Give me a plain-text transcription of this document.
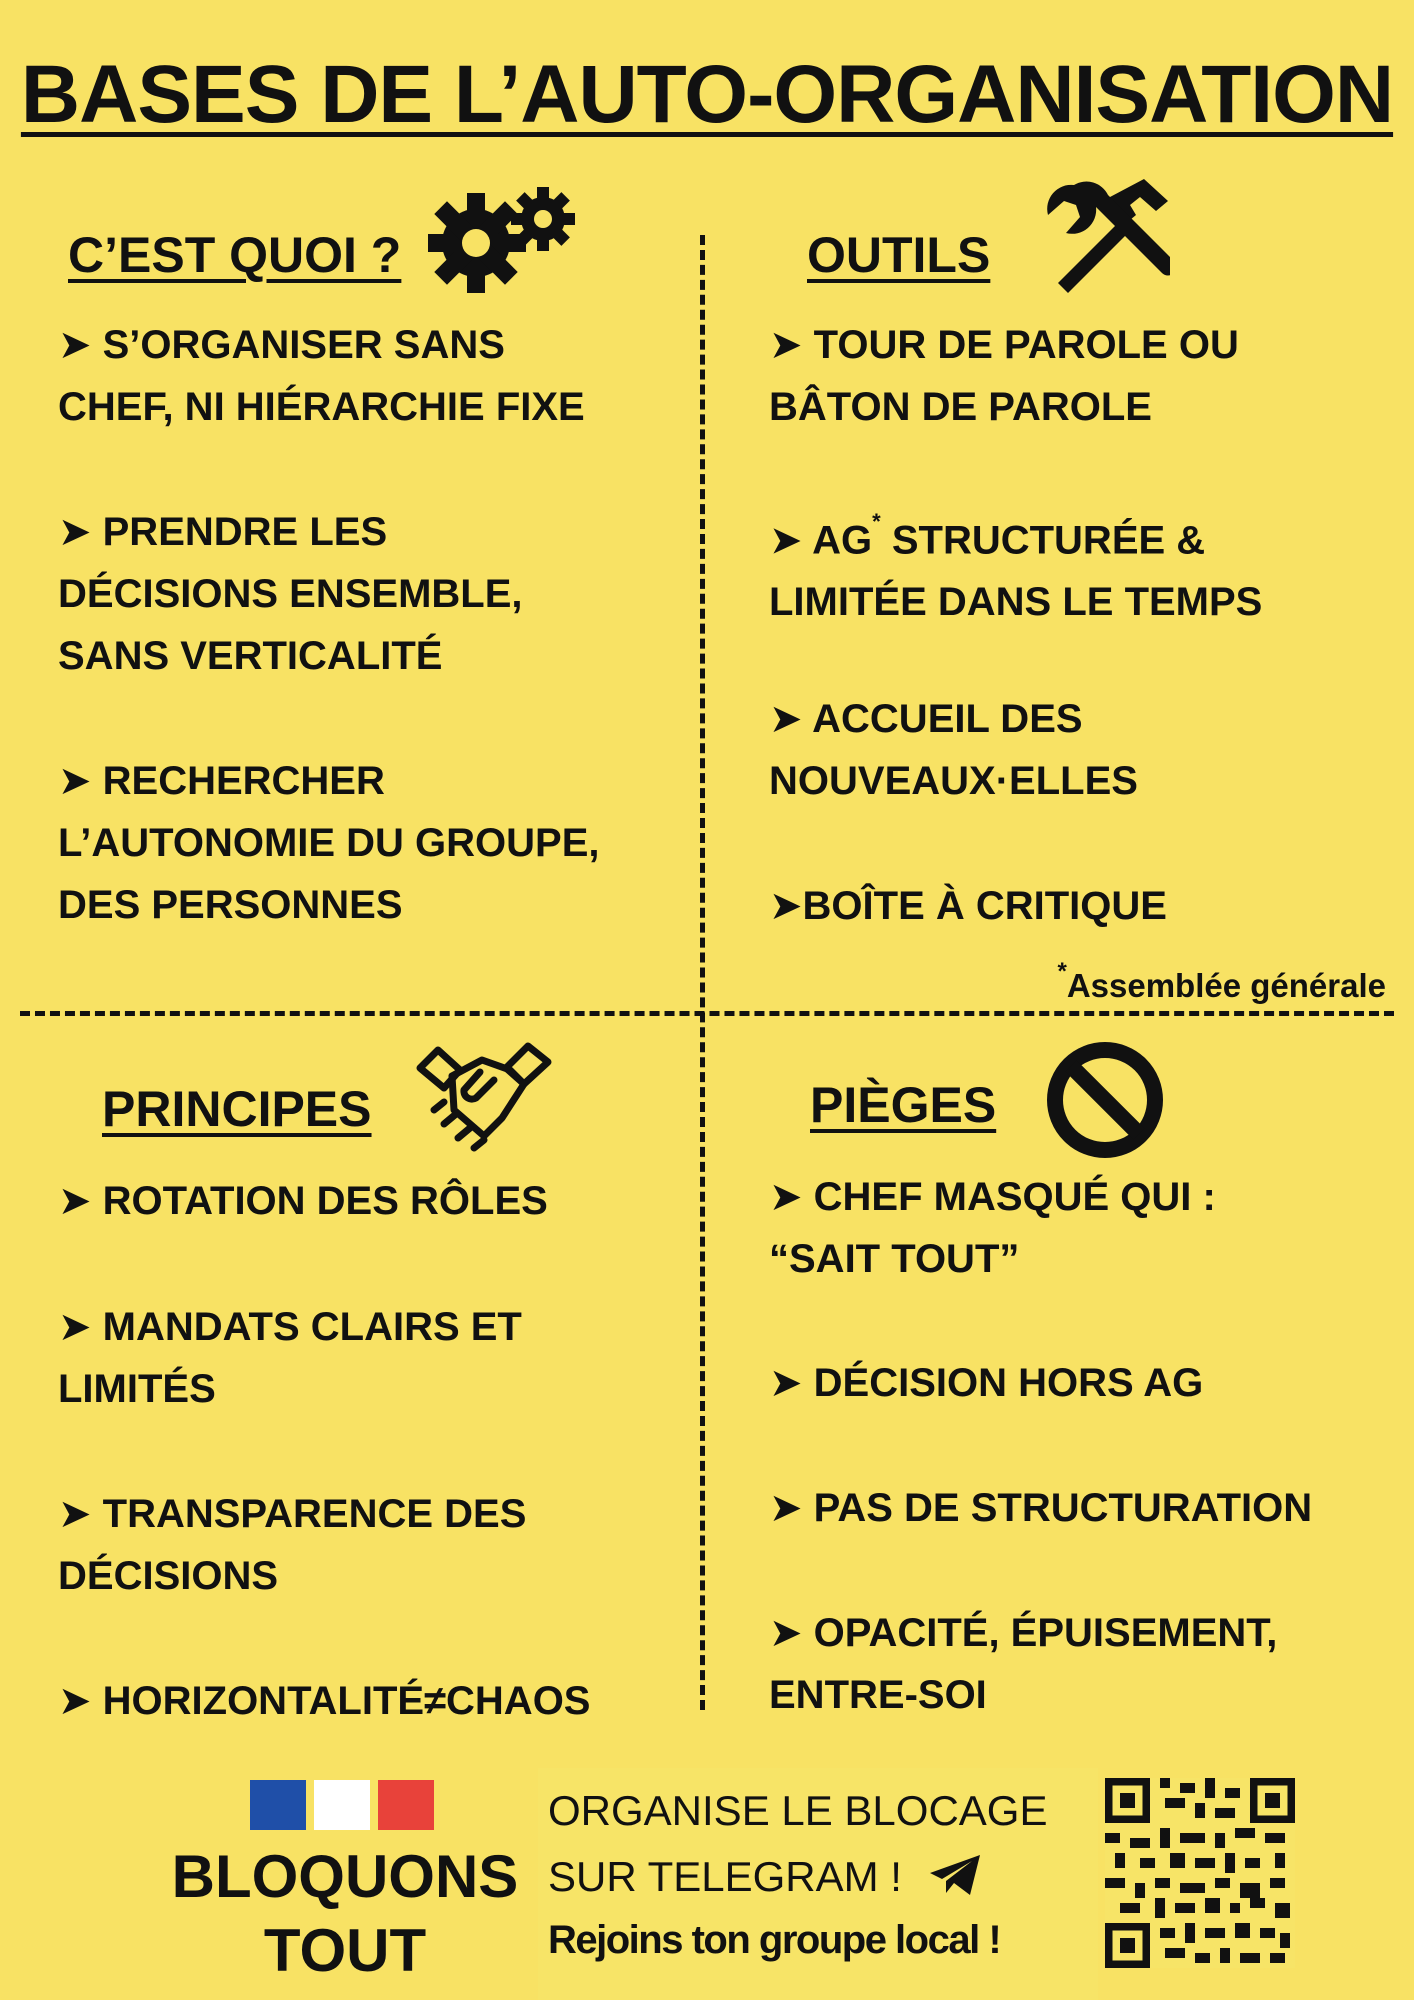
BASES DE L’AUTO-ORGANISATION
C’EST QUOI ?

➤ S’ORGANISER SANS
CHEF, NI HIÉRARCHIE FIXE

➤ PRENDRE LES
DÉCISIONS ENSEMBLE,
SANS VERTICALITÉ

➤ RECHERCHER
L’AUTONOMIE DU GROUPE,
DES PERSONNES

OUTILS

➤ TOUR DE PAROLE OU
BÂTON DE PAROLE

➤ AG* STRUCTURÉE &
LIMITÉE DANS LE TEMPS

➤ ACCUEIL DES
NOUVEAUX·ELLES

➤BOÎTE À CRITIQUE

*Assemblée générale
PRINCIPES

➤ ROTATION DES RÔLES

➤ MANDATS CLAIRS ET
LIMITÉS

➤ TRANSPARENCE DES
DÉCISIONS

➤ HORIZONTALITÉ≠CHAOS

PIÈGES

➤ CHEF MASQUÉ QUI :
“SAIT TOUT”

➤ DÉCISION HORS AG

➤ PAS DE STRUCTURATION

➤ OPACITÉ, ÉPUISEMENT,
ENTRE-SOI

BLOQUONS
TOUT
ORGANISE LE BLOCAGE
SUR TELEGRAM !
Rejoins ton groupe local !
